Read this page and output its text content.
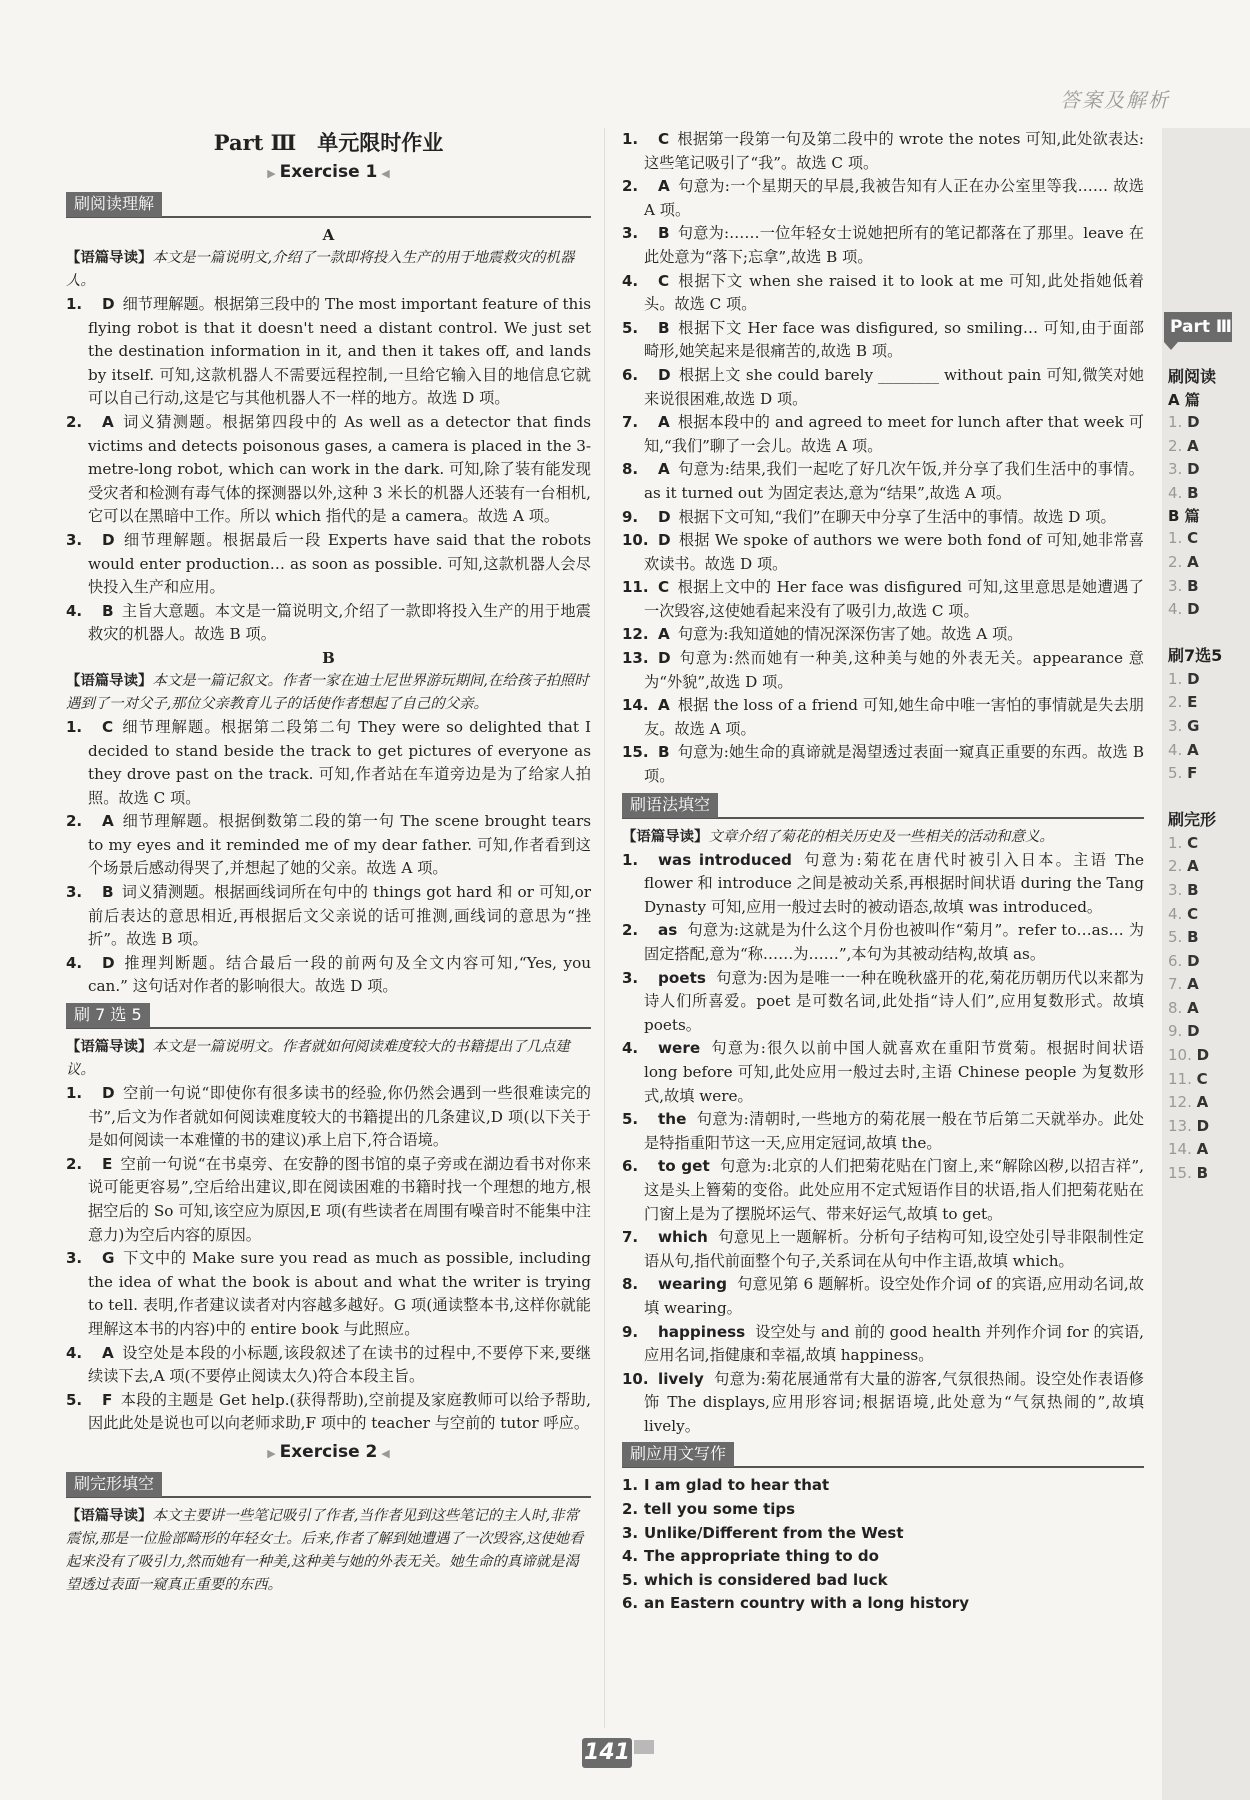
答案及解析
Part Ⅲ　单元限时作业
▶ Exercise 1 ◀
刷阅读理解
A
【语篇导读】本文是一篇说明文,介绍了一款即将投入生产的用于地震救灾的机器人。
1. D 细节理解题。根据第三段中的 The most important feature of this flying robot is that it doesn't need a distant control. We just set the destination information in it, and then it takes off, and lands by itself. 可知,这款机器人不需要远程控制,一旦给它输入目的地信息它就可以自己行动,这是它与其他机器人不一样的地方。故选 D 项。
2. A 词义猜测题。根据第四段中的 As well as a detector that finds victims and detects poisonous gases, a camera is placed in the 3-metre-long robot, which can work in the dark. 可知,除了装有能发现受灾者和检测有毒气体的探测器以外,这种 3 米长的机器人还装有一台相机,它可以在黑暗中工作。所以 which 指代的是 a camera。故选 A 项。
3. D 细节理解题。根据最后一段 Experts have said that the robots would enter production… as soon as possible. 可知,这款机器人会尽快投入生产和应用。
4. B 主旨大意题。本文是一篇说明文,介绍了一款即将投入生产的用于地震救灾的机器人。故选 B 项。
B
【语篇导读】本文是一篇记叙文。作者一家在迪士尼世界游玩期间,在给孩子拍照时遇到了一对父子,那位父亲教育儿子的话使作者想起了自己的父亲。
1. C 细节理解题。根据第二段第二句 They were so delighted that I decided to stand beside the track to get pictures of everyone as they drove past on the track. 可知,作者站在车道旁边是为了给家人拍照。故选 C 项。
2. A 细节理解题。根据倒数第二段的第一句 The scene brought tears to my eyes and it reminded me of my dear father. 可知,作者看到这个场景后感动得哭了,并想起了她的父亲。故选 A 项。
3. B 词义猜测题。根据画线词所在句中的 things got hard 和 or 可知,or 前后表达的意思相近,再根据后文父亲说的话可推测,画线词的意思为“挫折”。故选 B 项。
4. D 推理判断题。结合最后一段的前两句及全文内容可知,“Yes, you can.” 这句话对作者的影响很大。故选 D 项。
刷 7 选 5
【语篇导读】本文是一篇说明文。作者就如何阅读难度较大的书籍提出了几点建议。
1. D 空前一句说“即使你有很多读书的经验,你仍然会遇到一些很难读完的书”,后文为作者就如何阅读难度较大的书籍提出的几条建议,D 项(以下关于是如何阅读一本难懂的书的建议)承上启下,符合语境。
2. E 空前一句说“在书桌旁、在安静的图书馆的桌子旁或在湖边看书对你来说可能更容易”,空后给出建议,即在阅读困难的书籍时找一个理想的地方,根据空后的 So 可知,该空应为原因,E 项(有些读者在周围有噪音时不能集中注意力)为空后内容的原因。
3. G 下文中的 Make sure you read as much as possible, including the idea of what the book is about and what the writer is trying to tell. 表明,作者建议读者对内容越多越好。G 项(通读整本书,这样你就能理解这本书的内容)中的 entire book 与此照应。
4. A 设空处是本段的小标题,该段叙述了在读书的过程中,不要停下来,要继续读下去,A 项(不要停止阅读太久)符合本段主旨。
5. F 本段的主题是 Get help.(获得帮助),空前提及家庭教师可以给予帮助,因此此处是说也可以向老师求助,F 项中的 teacher 与空前的 tutor 呼应。
▶ Exercise 2 ◀
刷完形填空
【语篇导读】本文主要讲一些笔记吸引了作者,当作者见到这些笔记的主人时,非常震惊,那是一位脸部畸形的年轻女士。后来,作者了解到她遭遇了一次毁容,这使她看起来没有了吸引力,然而她有一种美,这种美与她的外表无关。她生命的真谛就是渴望透过表面一窥真正重要的东西。
1. C 根据第一段第一句及第二段中的 wrote the notes 可知,此处欲表达:这些笔记吸引了“我”。故选 C 项。
2. A 句意为:一个星期天的早晨,我被告知有人正在办公室里等我…… 故选 A 项。
3. B 句意为:……一位年轻女士说她把所有的笔记都落在了那里。leave 在此处意为“落下;忘拿”,故选 B 项。
4. C 根据下文 when she raised it to look at me 可知,此处指她低着头。故选 C 项。
5. B 根据下文 Her face was disfigured, so smiling… 可知,由于面部畸形,她笑起来是很痛苦的,故选 B 项。
6. D 根据上文 she could barely ________ without pain 可知,微笑对她来说很困难,故选 D 项。
7. A 根据本段中的 and agreed to meet for lunch after that week 可知,“我们”聊了一会儿。故选 A 项。
8. A 句意为:结果,我们一起吃了好几次午饭,并分享了我们生活中的事情。as it turned out 为固定表达,意为“结果”,故选 A 项。
9. D 根据下文可知,“我们”在聊天中分享了生活中的事情。故选 D 项。
10. D 根据 We spoke of authors we were both fond of 可知,她非常喜欢读书。故选 D 项。
11. C 根据上文中的 Her face was disfigured 可知,这里意思是她遭遇了一次毁容,这使她看起来没有了吸引力,故选 C 项。
12. A 句意为:我知道她的情况深深伤害了她。故选 A 项。
13. D 句意为:然而她有一种美,这种美与她的外表无关。appearance 意为“外貌”,故选 D 项。
14. A 根据 the loss of a friend 可知,她生命中唯一害怕的事情就是失去朋友。故选 A 项。
15. B 句意为:她生命的真谛就是渴望透过表面一窥真正重要的东西。故选 B 项。
刷语法填空
【语篇导读】文章介绍了菊花的相关历史及一些相关的活动和意义。
1. was introduced 句意为:菊花在唐代时被引入日本。主语 The flower 和 introduce 之间是被动关系,再根据时间状语 during the Tang Dynasty 可知,应用一般过去时的被动语态,故填 was introduced。
2. as 句意为:这就是为什么这个月份也被叫作“菊月”。refer to…as… 为固定搭配,意为“称……为……”,本句为其被动结构,故填 as。
3. poets 句意为:因为是唯一一种在晚秋盛开的花,菊花历朝历代以来都为诗人们所喜爱。poet 是可数名词,此处指“诗人们”,应用复数形式。故填 poets。
4. were 句意为:很久以前中国人就喜欢在重阳节赏菊。根据时间状语 long before 可知,此处应用一般过去时,主语 Chinese people 为复数形式,故填 were。
5. the 句意为:清朝时,一些地方的菊花展一般在节后第二天就举办。此处是特指重阳节这一天,应用定冠词,故填 the。
6. to get 句意为:北京的人们把菊花贴在门窗上,来“解除凶秽,以招吉祥”,这是头上簪菊的变俗。此处应用不定式短语作目的状语,指人们把菊花贴在门窗上是为了摆脱坏运气、带来好运气,故填 to get。
7. which 句意见上一题解析。分析句子结构可知,设空处引导非限制性定语从句,指代前面整个句子,关系词在从句中作主语,故填 which。
8. wearing 句意见第 6 题解析。设空处作介词 of 的宾语,应用动名词,故填 wearing。
9. happiness 设空处与 and 前的 good health 并列作介词 for 的宾语,应用名词,指健康和幸福,故填 happiness。
10. lively 句意为:菊花展通常有大量的游客,气氛很热闹。设空处作表语修饰 The displays,应用形容词;根据语境,此处意为“气氛热闹的”,故填 lively。
刷应用文写作
1. I am glad to hear that
2. tell you some tips
3. Unlike/Different from the West
4. The appropriate thing to do
5. which is considered bad luck
6. an Eastern country with a long history
Part Ⅲ
刷阅读
A 篇
1. D
2. A
3. D
4. B
B 篇
1. C
2. A
3. B
4. D
刷7选5
1. D
2. E
3. G
4. A
5. F
刷完形
1. C
2. A
3. B
4. C
5. B
6. D
7. A
8. A
9. D
10. D
11. C
12. A
13. D
14. A
15. B
141
